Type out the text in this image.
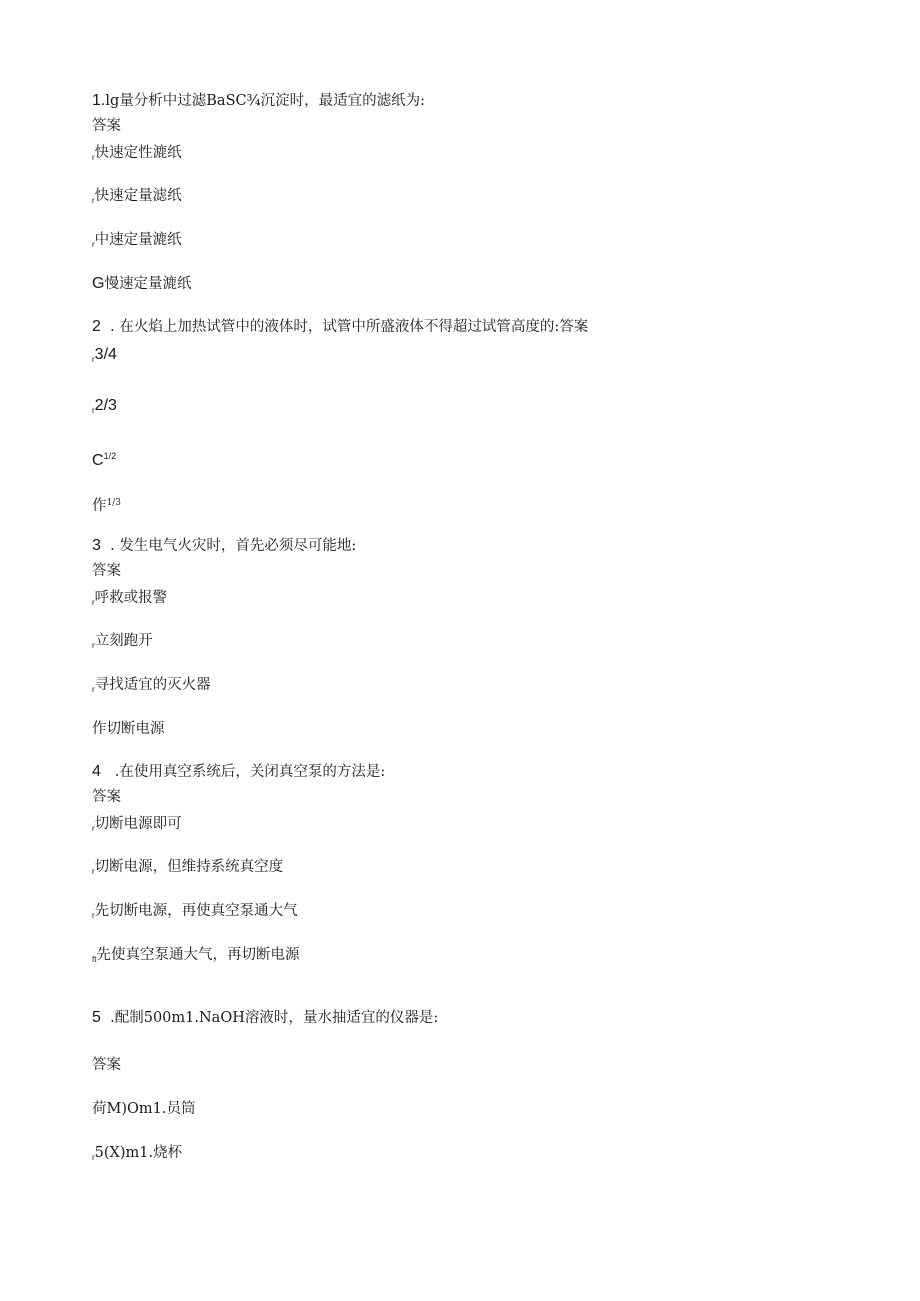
1.lg量分析中过滤BaSC¾沉淀时，最适宜的滤纸为:
答案
$_r$快速定性漉纸
$_r$快速定量滤纸
$_r$中速定量漉纸
G慢速定量漉纸
2 . 在火焰上加热试管中的液体时，试管中所盛液体不得超过试管高度的:答案
r3/4
r2/3
$C^{1/2}$
作$^{1/3}$
3 . 发生电气火灾时，首先必须尽可能地:
答案
$_r$呼救或报警
$_r$立刻跑开
$_r$寻找适宜的灭火器
作切断电源
4 .在使用真空系统后，关闭真空泵的方法是:
答案
$_r$切断电源即可
$_r$切断电源，但维持系统真空度
$_r$先切断电源，再使真空泵通大气
$_{ft}$先使真空泵通大气，再切断电源
5 .配制500m1.NaOH溶液时，量水抽适宜的仪器是:
答案
荷M)Om1.员筒
$_r$5(X)m1.烧杯
